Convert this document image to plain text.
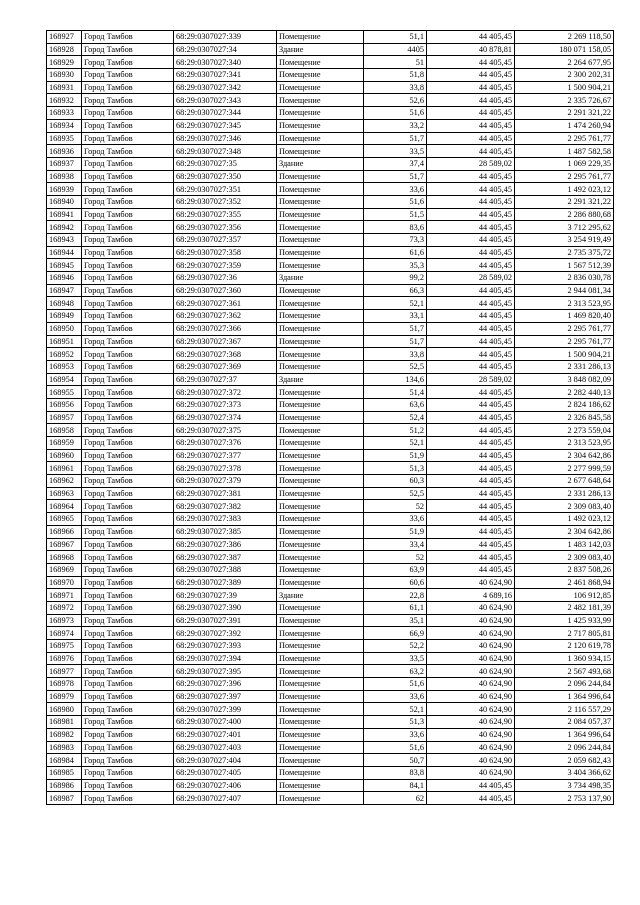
168927	Город Тамбов	68:29:0307027:339	Помещение	51,1	44 405,45	2 269 118,50
168928	Город Тамбов	68:29:0307027:34	Здание	4405	40 878,81	180 071 158,05
168929	Город Тамбов	68:29:0307027:340	Помещение	51	44 405,45	2 264 677,95
168930	Город Тамбов	68:29:0307027:341	Помещение	51,8	44 405,45	2 300 202,31
168931	Город Тамбов	68:29:0307027:342	Помещение	33,8	44 405,45	1 500 904,21
168932	Город Тамбов	68:29:0307027:343	Помещение	52,6	44 405,45	2 335 726,67
168933	Город Тамбов	68:29:0307027:344	Помещение	51,6	44 405,45	2 291 321,22
168934	Город Тамбов	68:29:0307027:345	Помещение	33,2	44 405,45	1 474 260,94
168935	Город Тамбов	68:29:0307027:346	Помещение	51,7	44 405,45	2 295 761,77
168936	Город Тамбов	68:29:0307027:348	Помещение	33,5	44 405,45	1 487 582,58
168937	Город Тамбов	68:29:0307027:35	Здание	37,4	28 589,02	1 069 229,35
168938	Город Тамбов	68:29:0307027:350	Помещение	51,7	44 405,45	2 295 761,77
168939	Город Тамбов	68:29:0307027:351	Помещение	33,6	44 405,45	1 492 023,12
168940	Город Тамбов	68:29:0307027:352	Помещение	51,6	44 405,45	2 291 321,22
168941	Город Тамбов	68:29:0307027:355	Помещение	51,5	44 405,45	2 286 880,68
168942	Город Тамбов	68:29:0307027:356	Помещение	83,6	44 405,45	3 712 295,62
168943	Город Тамбов	68:29:0307027:357	Помещение	73,3	44 405,45	3 254 919,49
168944	Город Тамбов	68:29:0307027:358	Помещение	61,6	44 405,45	2 735 375,72
168945	Город Тамбов	68:29:0307027:359	Помещение	35,3	44 405,45	1 567 512,39
168946	Город Тамбов	68:29:0307027:36	Здание	99,2	28 589,02	2 836 030,78
168947	Город Тамбов	68:29:0307027:360	Помещение	66,3	44 405,45	2 944 081,34
168948	Город Тамбов	68:29:0307027:361	Помещение	52,1	44 405,45	2 313 523,95
168949	Город Тамбов	68:29:0307027:362	Помещение	33,1	44 405,45	1 469 820,40
168950	Город Тамбов	68:29:0307027:366	Помещение	51,7	44 405,45	2 295 761,77
168951	Город Тамбов	68:29:0307027:367	Помещение	51,7	44 405,45	2 295 761,77
168952	Город Тамбов	68:29:0307027:368	Помещение	33,8	44 405,45	1 500 904,21
168953	Город Тамбов	68:29:0307027:369	Помещение	52,5	44 405,45	2 331 286,13
168954	Город Тамбов	68:29:0307027:37	Здание	134,6	28 589,02	3 848 082,09
168955	Город Тамбов	68:29:0307027:372	Помещение	51,4	44 405,45	2 282 440,13
168956	Город Тамбов	68:29:0307027:373	Помещение	63,6	44 405,45	2 824 186,62
168957	Город Тамбов	68:29:0307027:374	Помещение	52,4	44 405,45	2 326 845,58
168958	Город Тамбов	68:29:0307027:375	Помещение	51,2	44 405,45	2 273 559,04
168959	Город Тамбов	68:29:0307027:376	Помещение	52,1	44 405,45	2 313 523,95
168960	Город Тамбов	68:29:0307027:377	Помещение	51,9	44 405,45	2 304 642,86
168961	Город Тамбов	68:29:0307027:378	Помещение	51,3	44 405,45	2 277 999,59
168962	Город Тамбов	68:29:0307027:379	Помещение	60,3	44 405,45	2 677 648,64
168963	Город Тамбов	68:29:0307027:381	Помещение	52,5	44 405,45	2 331 286,13
168964	Город Тамбов	68:29:0307027:382	Помещение	52	44 405,45	2 309 083,40
168965	Город Тамбов	68:29:0307027:383	Помещение	33,6	44 405,45	1 492 023,12
168966	Город Тамбов	68:29:0307027:385	Помещение	51,9	44 405,45	2 304 642,86
168967	Город Тамбов	68:29:0307027:386	Помещение	33,4	44 405,45	1 483 142,03
168968	Город Тамбов	68:29:0307027:387	Помещение	52	44 405,45	2 309 083,40
168969	Город Тамбов	68:29:0307027:388	Помещение	63,9	44 405,45	2 837 508,26
168970	Город Тамбов	68:29:0307027:389	Помещение	60,6	40 624,90	2 461 868,94
168971	Город Тамбов	68:29:0307027:39	Здание	22,8	4 689,16	106 912,85
168972	Город Тамбов	68:29:0307027:390	Помещение	61,1	40 624,90	2 482 181,39
168973	Город Тамбов	68:29:0307027:391	Помещение	35,1	40 624,90	1 425 933,99
168974	Город Тамбов	68:29:0307027:392	Помещение	66,9	40 624,90	2 717 805,81
168975	Город Тамбов	68:29:0307027:393	Помещение	52,2	40 624,90	2 120 619,78
168976	Город Тамбов	68:29:0307027:394	Помещение	33,5	40 624,90	1 360 934,15
168977	Город Тамбов	68:29:0307027:395	Помещение	63,2	40 624,90	2 567 493,68
168978	Город Тамбов	68:29:0307027:396	Помещение	51,6	40 624,90	2 096 244,84
168979	Город Тамбов	68:29:0307027:397	Помещение	33,6	40 624,90	1 364 996,64
168980	Город Тамбов	68:29:0307027:399	Помещение	52,1	40 624,90	2 116 557,29
168981	Город Тамбов	68:29:0307027:400	Помещение	51,3	40 624,90	2 084 057,37
168982	Город Тамбов	68:29:0307027:401	Помещение	33,6	40 624,90	1 364 996,64
168983	Город Тамбов	68:29:0307027:403	Помещение	51,6	40 624,90	2 096 244,84
168984	Город Тамбов	68:29:0307027:404	Помещение	50,7	40 624,90	2 059 682,43
168985	Город Тамбов	68:29:0307027:405	Помещение	83,8	40 624,90	3 404 366,62
168986	Город Тамбов	68:29:0307027:406	Помещение	84,1	44 405,45	3 734 498,35
168987	Город Тамбов	68:29:0307027:407	Помещение	62	44 405,45	2 753 137,90
